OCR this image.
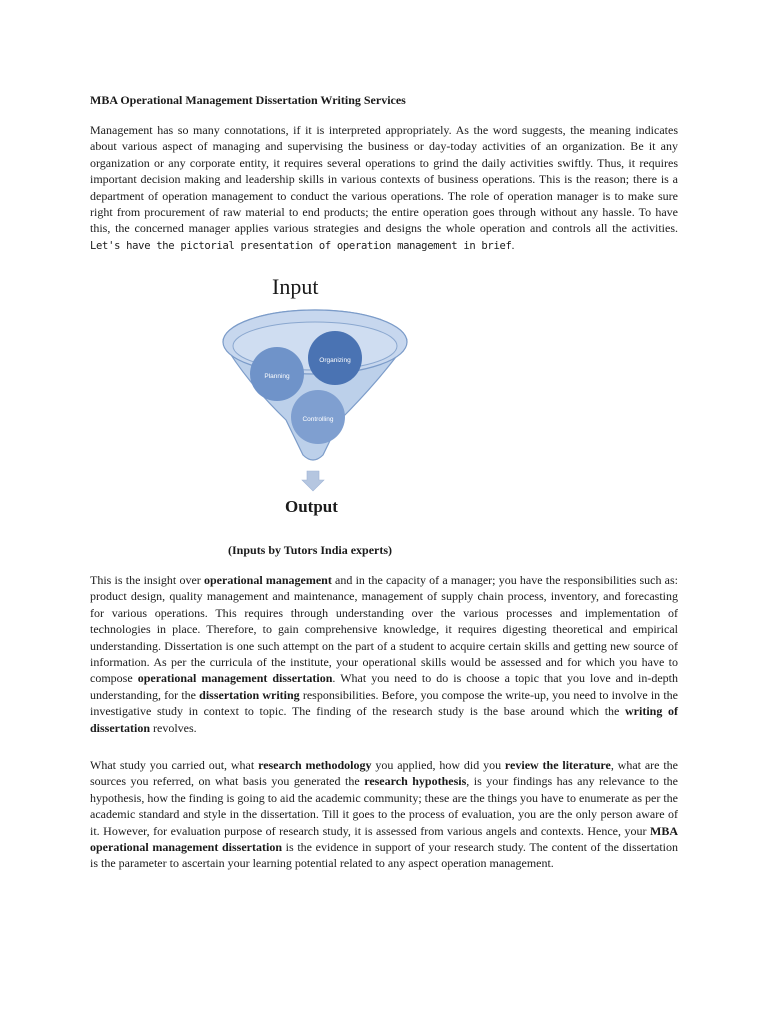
MBA Operational Management Dissertation Writing Services

Management has so many connotations, if it is interpreted appropriately. As the word suggests, the meaning indicates about various aspect of managing and supervising the business or day-today activities of an organization. Be it any organization or any corporate entity, it requires several operations to grind the daily activities swiftly. Thus, it requires important decision making and leadership skills in various contexts of business operations. This is the reason; there is a department of operation management to conduct the various operations. The role of operation manager is to make sure right from procurement of raw material to end products; the entire operation goes through without any hassle. To have this, the concerned manager applies various strategies and designs the whole operation and controls all the activities. Let's have the pictorial presentation of operation management in brief.

Input
Planning
Organizing
Controlling
Output

(Inputs by Tutors India experts)

This is the insight over operational management and in the capacity of a manager; you have the responsibilities such as: product design, quality management and maintenance, management of supply chain process, inventory, and forecasting for various operations. This requires through understanding over the various processes and implementation of technologies in place. Therefore, to gain comprehensive knowledge, it requires digesting theoretical and empirical understanding. Dissertation is one such attempt on the part of a student to acquire certain skills and getting new source of information. As per the curricula of the institute, your operational skills would be assessed and for which you have to compose operational management dissertation. What you need to do is choose a topic that you love and in-depth understanding, for the dissertation writing responsibilities. Before, you compose the write-up, you need to involve in the investigative study in context to topic. The finding of the research study is the base around which the writing of dissertation revolves.

What study you carried out, what research methodology you applied, how did you review the literature, what are the sources you referred, on what basis you generated the research hypothesis, is your findings has any relevance to the hypothesis, how the finding is going to aid the academic community; these are the things you have to enumerate as per the academic standard and style in the dissertation. Till it goes to the process of evaluation, you are the only person aware of it. However, for evaluation purpose of research study, it is assessed from various angels and contexts. Hence, your MBA operational management dissertation is the evidence in support of your research study. The content of the dissertation is the parameter to ascertain your learning potential related to any aspect operation management.
